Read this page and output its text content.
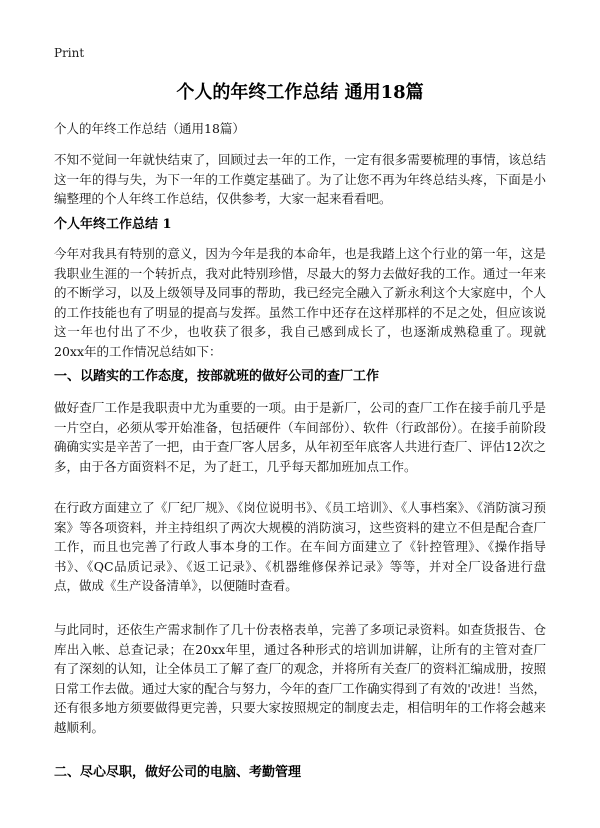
Print
个人的年终工作总结 通用18篇
个人的年终工作总结（通用18篇）

不知不觉间一年就快结束了，回顾过去一年的工作，一定有很多需要梳理的事情，该总结这一年的得与失，为下一年的工作奠定基础了。为了让您不再为年终总结头疼，下面是小编整理的个人年终工作总结，仅供参考，大家一起来看看吧。

个人年终工作总结 1

今年对我具有特别的意义，因为今年是我的本命年，也是我踏上这个行业的第一年，这是我职业生涯的一个转折点，我对此特别珍惜，尽最大的努力去做好我的工作。通过一年来的不断学习，以及上级领导及同事的帮助，我已经完全融入了新永利这个大家庭中，个人的工作技能也有了明显的提高与发挥。虽然工作中还存在这样那样的不足之处，但应该说这一年也付出了不少，也收获了很多，我自己感到成长了，也逐渐成熟稳重了。现就20xx年的工作情况总结如下：

一、以踏实的工作态度，按部就班的做好公司的查厂工作

做好查厂工作是我职责中尤为重要的一项。由于是新厂，公司的查厂工作在接手前几乎是一片空白，必须从零开始准备，包括硬件（车间部份）、软件（行政部份）。在接手前阶段确确实实是辛苦了一把，由于查厂客人居多，从年初至年底客人共进行查厂、评估12次之多，由于各方面资料不足，为了赶工，几乎每天都加班加点工作。

在行政方面建立了《厂纪厂规》、《岗位说明书》、《员工培训》、《人事档案》、《消防演习预案》等各项资料，并主持组织了两次大规模的消防演习，这些资料的建立不但是配合查厂工作，而且也完善了行政人事本身的工作。在车间方面建立了《针控管理》、《操作指导书》、《QC品质记录》、《返工记录》、《机器维修保养记录》等等，并对全厂设备进行盘点，做成《生产设备清单》，以便随时查看。

与此同时，还依生产需求制作了几十份表格表单，完善了多项记录资料。如查货报告、仓库出入帐、总查记录；在20xx年里，通过各种形式的培训加讲解，让所有的主管对查厂有了深刻的认知，让全体员工了解了查厂的观念，并将所有关查厂的资料汇编成册，按照日常工作去做。通过大家的配合与努力，今年的查厂工作确实得到了有效的'改进！当然，还有很多地方须要做得更完善，只要大家按照规定的制度去走，相信明年的工作将会越来越顺利。

二、尽心尽职，做好公司的电脑、考勤管理
